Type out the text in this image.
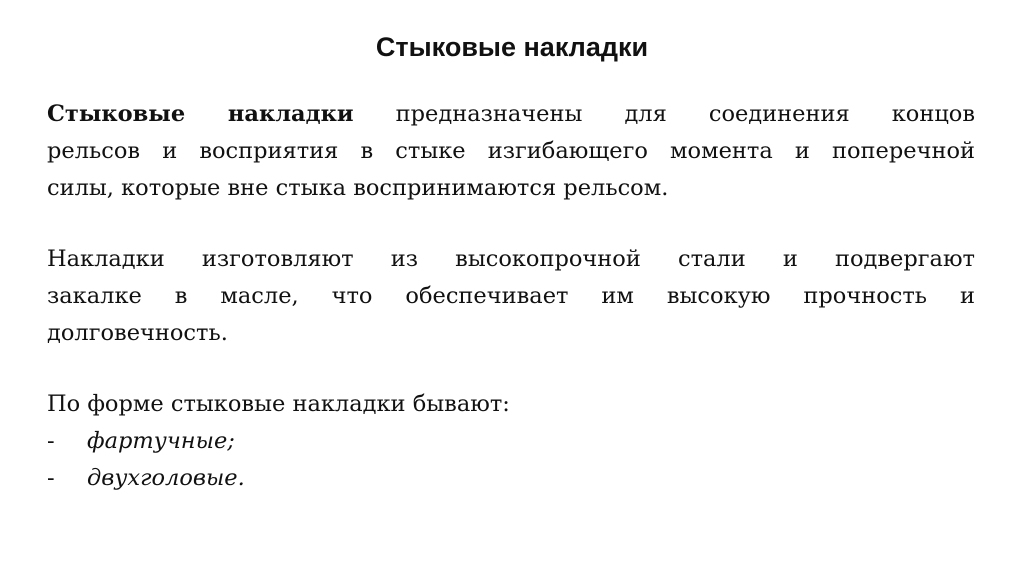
Стыковые накладки
Стыковые накладки предназначены для соединения концов
рельсов и восприятия в стыке изгибающего момента и поперечной
силы, которые вне стыка воспринимаются рельсом.
Накладки изготовляют из высокопрочной стали и подвергают
закалке в масле, что обеспечивает им высокую прочность и
долговечность.
По форме стыковые накладки бывают:
-	фартучные;
-	двухголовые.
